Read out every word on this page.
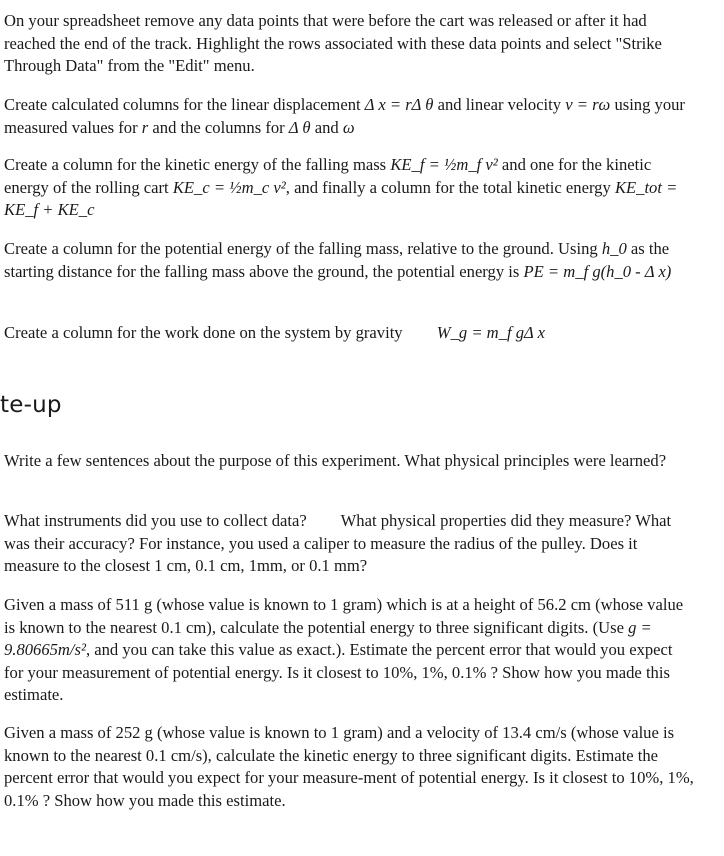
On your spreadsheet remove any data points that were before the cart was released or after it had reached the end of the track. Highlight the rows associated with these data points and select "Strike Through Data" from the "Edit" menu.

Create calculated columns for the linear displacement Δ x = rΔ θ and linear velocity v = rω using your measured values for r and the columns for Δ θ and ω

Create a column for the kinetic energy of the falling mass KE_f = ½m_f v² and one for the kinetic energy of the rolling cart KE_c = ½m_c v², and finally a column for the total kinetic energy KE_tot = KE_f + KE_c

Create a column for the potential energy of the falling mass, relative to the ground. Using h_0 as the starting distance for the falling mass above the ground, the potential energy is PE = m_f g(h_0 - Δ x)

Create a column for the work done on the system by gravity W_g = m_f gΔ x

te-up

Write a few sentences about the purpose of this experiment. What physical principles were learned?

What instruments did you use to collect data? What physical properties did they measure? What was their accuracy? For instance, you used a caliper to measure the radius of the pulley. Does it measure to the closest 1 cm, 0.1 cm, 1mm, or 0.1 mm?

Given a mass of 511 g (whose value is known to 1 gram) which is at a height of 56.2 cm (whose value is known to the nearest 0.1 cm), calculate the potential energy to three significant digits. (Use g = 9.80665m/s², and you can take this value as exact.). Estimate the percent error that would you expect for your measurement of potential energy. Is it closest to 10%, 1%, 0.1% ? Show how you made this estimate.

Given a mass of 252 g (whose value is known to 1 gram) and a velocity of 13.4 cm/s (whose value is known to the nearest 0.1 cm/s), calculate the kinetic energy to three significant digits. Estimate the percent error that would you expect for your measure-ment of potential energy. Is it closest to 10%, 1%, 0.1% ? Show how you made this estimate.
